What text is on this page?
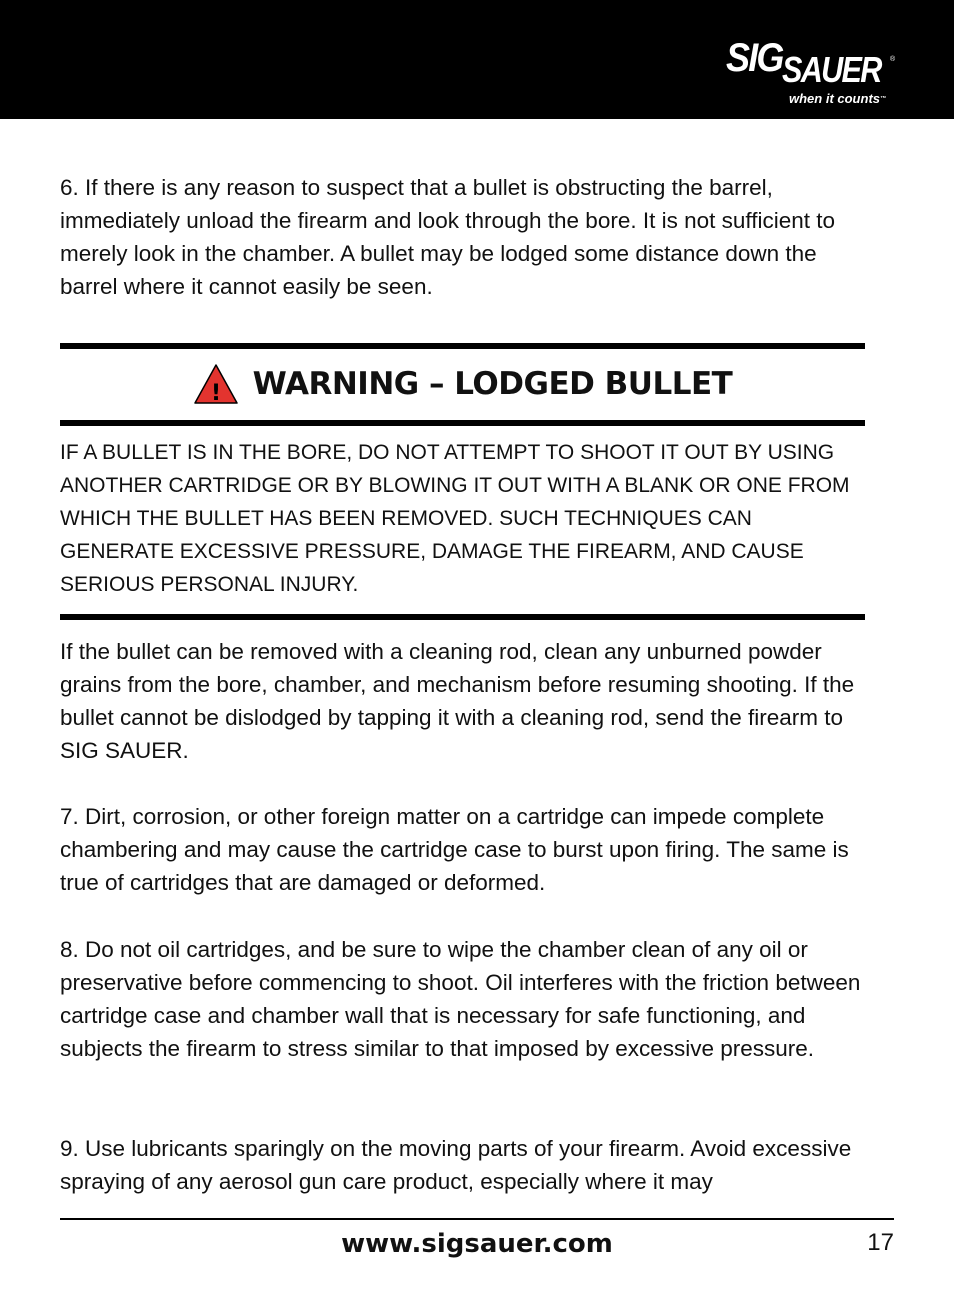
SIG SAUER ®
when it counts™

6. If there is any reason to suspect that a bullet is obstructing the barrel, immediately unload the firearm and look through the bore. It is not sufficient to merely look in the chamber. A bullet may be lodged some distance down the barrel where it cannot easily be seen.

! WARNING – LODGED BULLET

IF A BULLET IS IN THE BORE, DO NOT ATTEMPT TO SHOOT IT OUT BY USING ANOTHER CARTRIDGE OR BY BLOWING IT OUT WITH A BLANK OR ONE FROM WHICH THE BULLET HAS BEEN REMOVED. SUCH TECHNIQUES CAN GENERATE EXCESSIVE PRESSURE, DAMAGE THE FIREARM, AND CAUSE SERIOUS PERSONAL INJURY.

If the bullet can be removed with a cleaning rod, clean any unburned powder grains from the bore, chamber, and mechanism before resuming shooting. If the bullet cannot be dislodged by tapping it with a cleaning rod, send the firearm to SIG SAUER.

7. Dirt, corrosion, or other foreign matter on a cartridge can impede complete chambering and may cause the cartridge case to burst upon firing. The same is true of cartridges that are damaged or deformed.

8. Do not oil cartridges, and be sure to wipe the chamber clean of any oil or preservative before commencing to shoot. Oil interferes with the friction between cartridge case and chamber wall that is necessary for safe functioning, and subjects the firearm to stress similar to that imposed by excessive pressure.

9. Use lubricants sparingly on the moving parts of your firearm. Avoid excessive spraying of any aerosol gun care product, especially where it may

www.sigsauer.com	17
